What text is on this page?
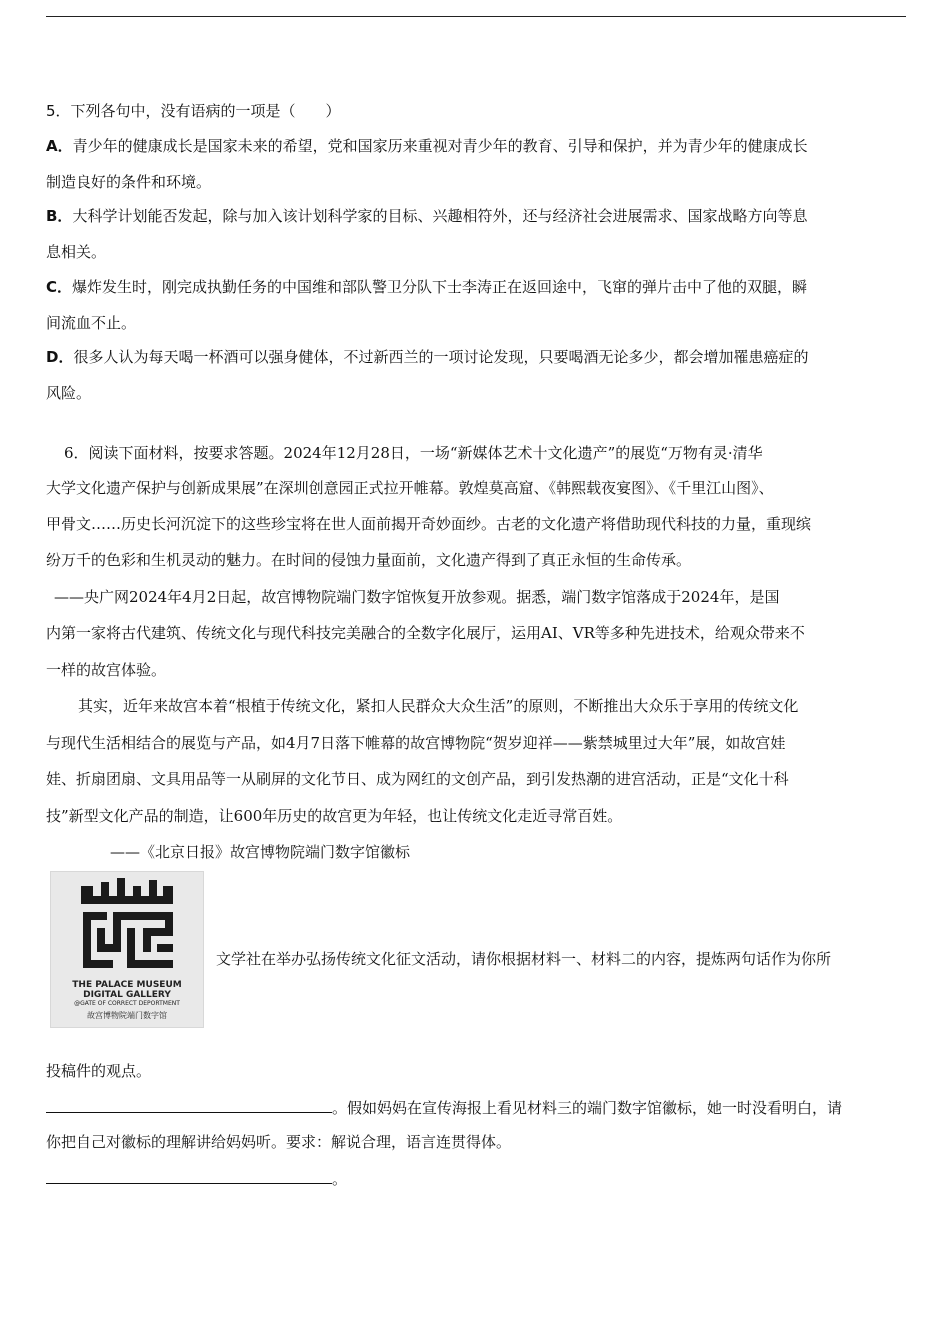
5．下列各句中，没有语病的一项是（　　）
A．青少年的健康成长是国家未来的希望，党和国家历来重视对青少年的教育、引导和保护，并为青少年的健康成长
制造良好的条件和环境。
B．大科学计划能否发起，除与加入该计划科学家的目标、兴趣相符外，还与经济社会进展需求、国家战略方向等息
息相关。
C．爆炸发生时，刚完成执勤任务的中国维和部队警卫分队下士李涛正在返回途中，飞窜的弹片击中了他的双腿，瞬
间流血不止。
D．很多人认为每天喝一杯酒可以强身健体，不过新西兰的一项讨论发现，只要喝酒无论多少，都会增加罹患癌症的
风险。
6．阅读下面材料，按要求答题。2024年12月28日，一场“新媒体艺术十文化遗产”的展览“万物有灵·清华
大学文化遗产保护与创新成果展”在深圳创意园正式拉开帷幕。敦煌莫高窟、《韩熙载夜宴图》、《千里江山图》、
甲骨文……历史长河沉淀下的这些珍宝将在世人面前揭开奇妙面纱。古老的文化遗产将借助现代科技的力量，重现缤
纷万千的色彩和生机灵动的魅力。在时间的侵蚀力量面前，文化遗产得到了真正永恒的生命传承。
——央广网2024年4月2日起，故宫博物院端门数字馆恢复开放参观。据悉，端门数字馆落成于2024年，是国
内第一家将古代建筑、传统文化与现代科技完美融合的全数字化展厅，运用AI、VR等多种先进技术，给观众带来不
一样的故宫体验。
其实，近年来故宫本着“根植于传统文化，紧扣人民群众大众生活”的原则，不断推出大众乐于享用的传统文化
与现代生活相结合的展览与产品，如4月7日落下帷幕的故宫博物院“贺岁迎祥——紫禁城里过大年”展，如故宫娃
娃、折扇团扇、文具用品等一从刷屏的文化节日、成为网红的文创产品，到引发热潮的进宫活动，正是“文化十科
技”新型文化产品的制造，让600年历史的故宫更为年轻，也让传统文化走近寻常百姓。
——《北京日报》故宫博物院端门数字馆徽标
THE PALACE MUSEUM
DIGITAL GALLERY
@GATE OF CORRECT DEPORTMENT
故宫博物院端门数字馆
文学社在举办弘扬传统文化征文活动，请你根据材料一、材料二的内容，提炼两句话作为你所
投稿件的观点。
。假如妈妈在宣传海报上看见材料三的端门数字馆徽标，她一时没看明白，请
你把自己对徽标的理解讲给妈妈听。要求：解说合理，语言连贯得体。
。
